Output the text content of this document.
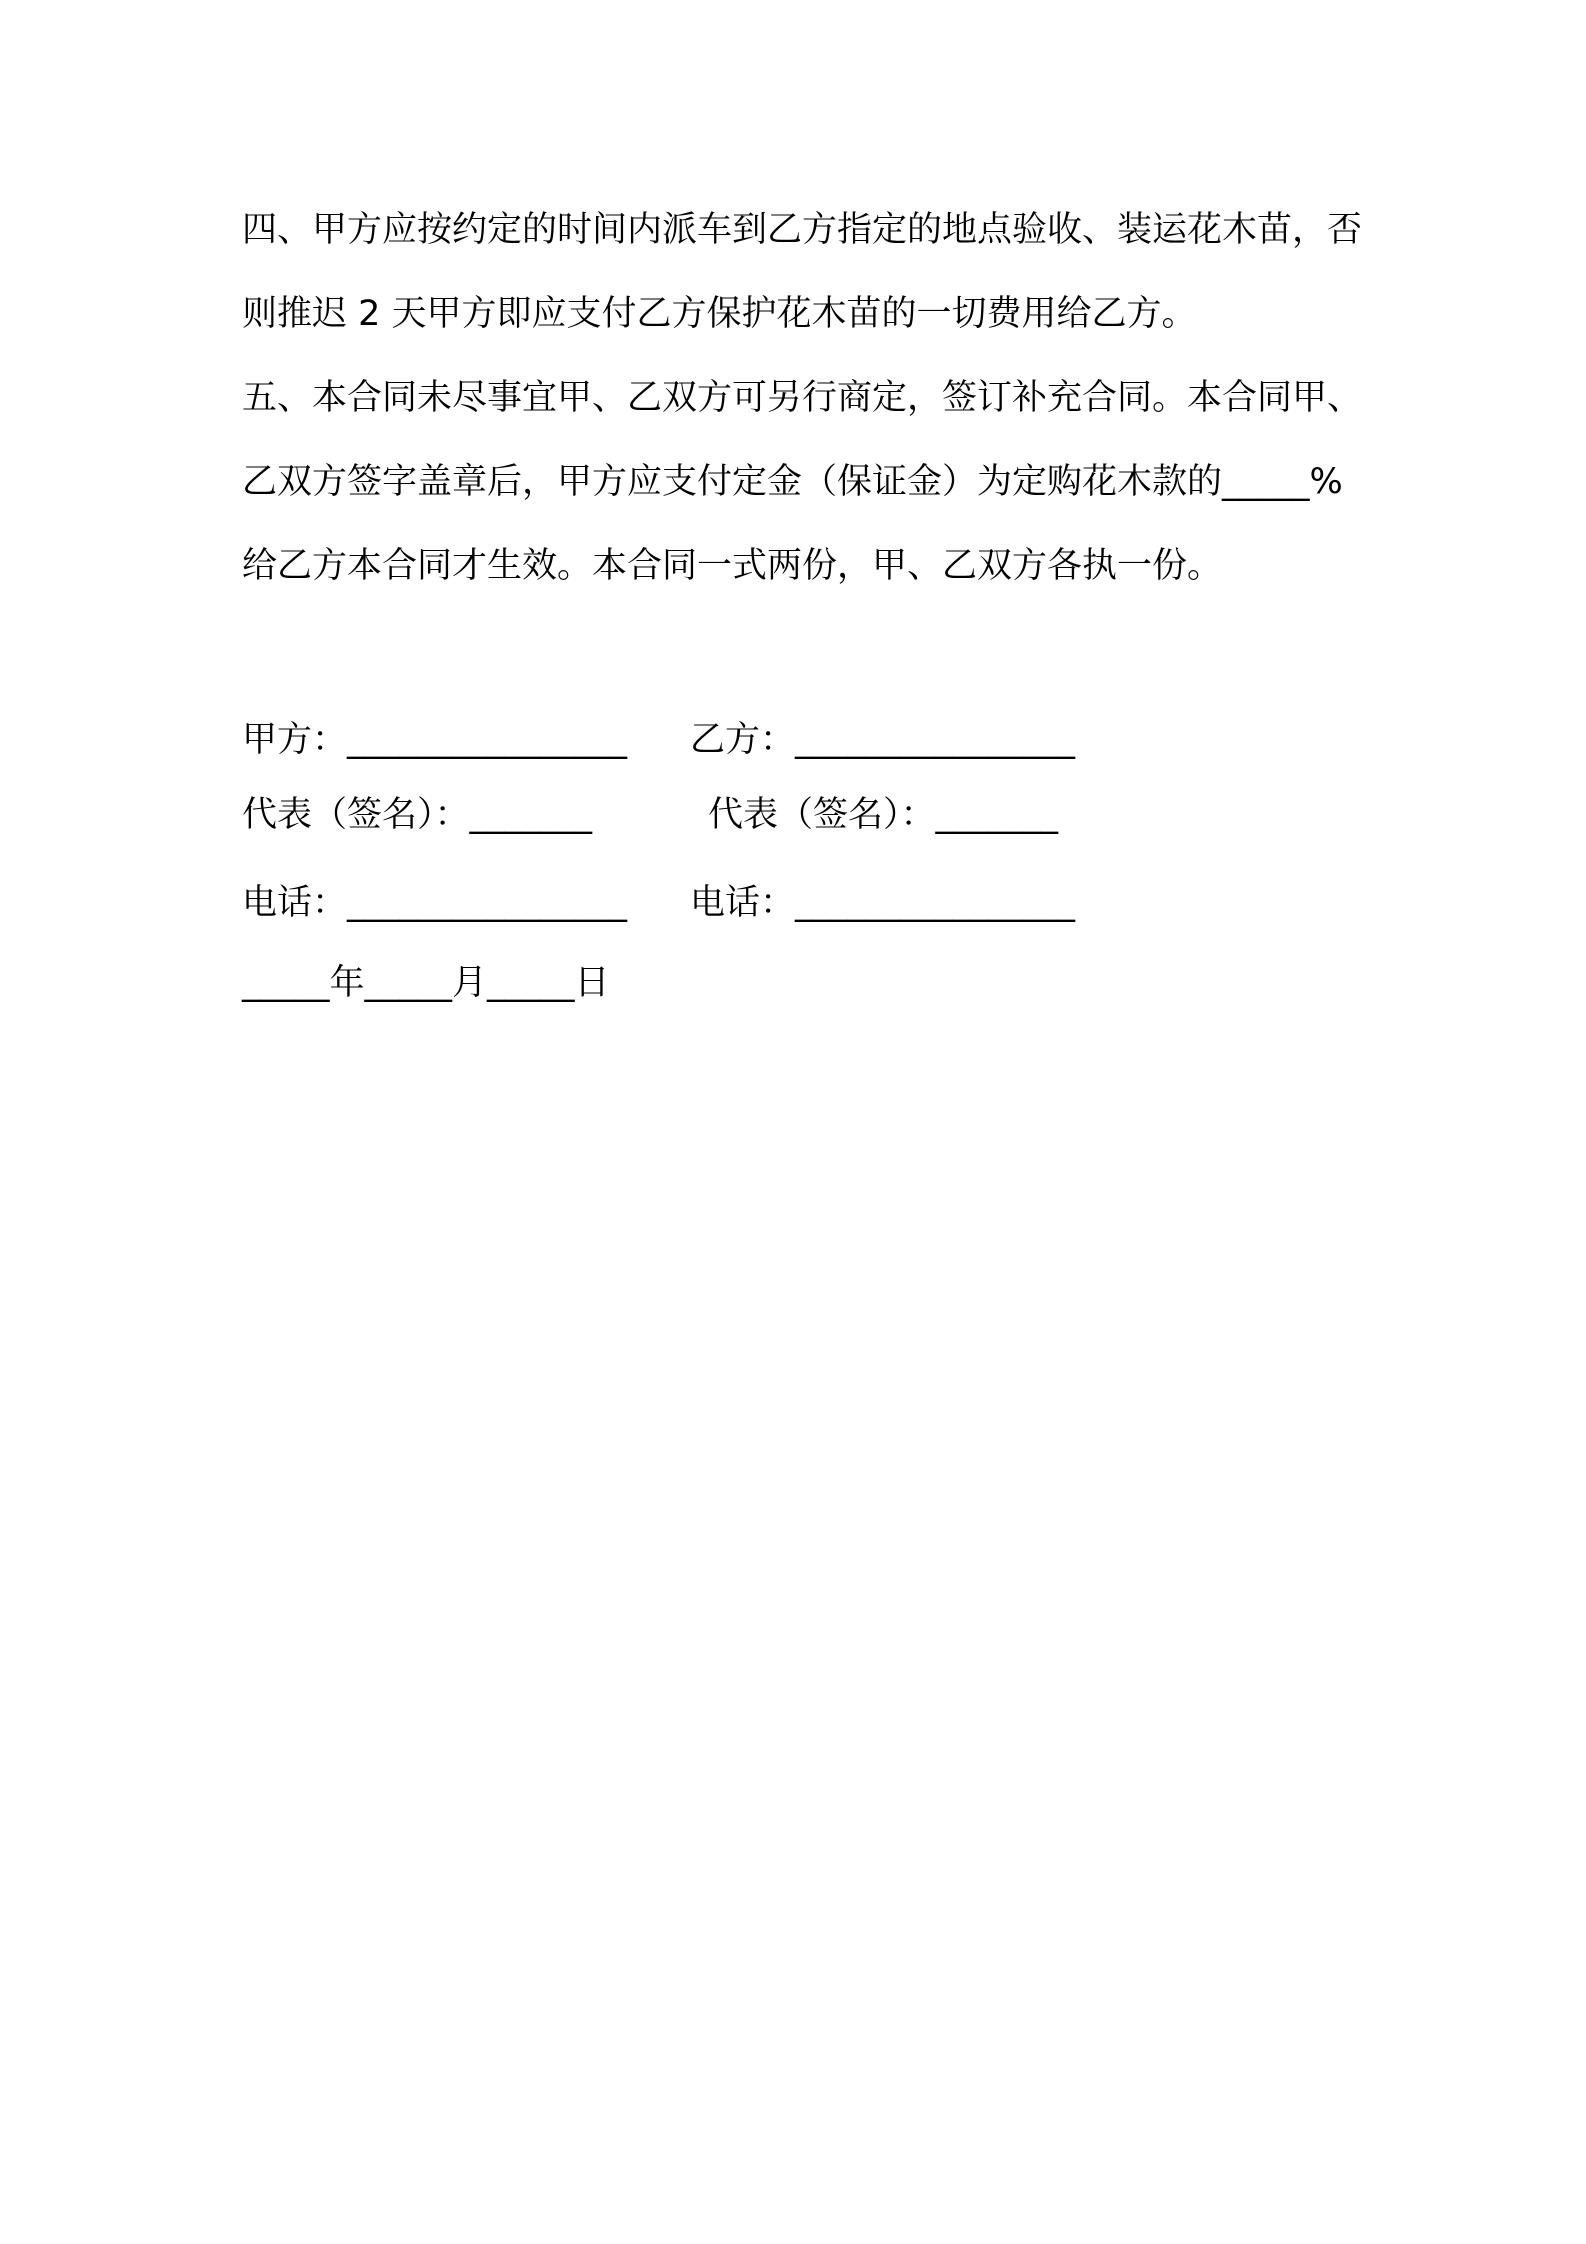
四、甲方应按约定的时间内派车到乙方指定的地点验收、装运花木苗，否则推迟 2 天甲方即应支付乙方保护花木苗的一切费用给乙方。

五、本合同未尽事宜甲、乙双方可另行商定，签订补充合同。本合同甲、乙双方签字盖章后，甲方应支付定金（保证金）为定购花木款的_____%给乙方本合同才生效。本合同一式两份，甲、乙双方各执一份。

甲方：________________ 乙方：________________
代表（签名）：_______	代表（签名）：_______
电话：________________ 电话：________________
_____年_____月_____日
